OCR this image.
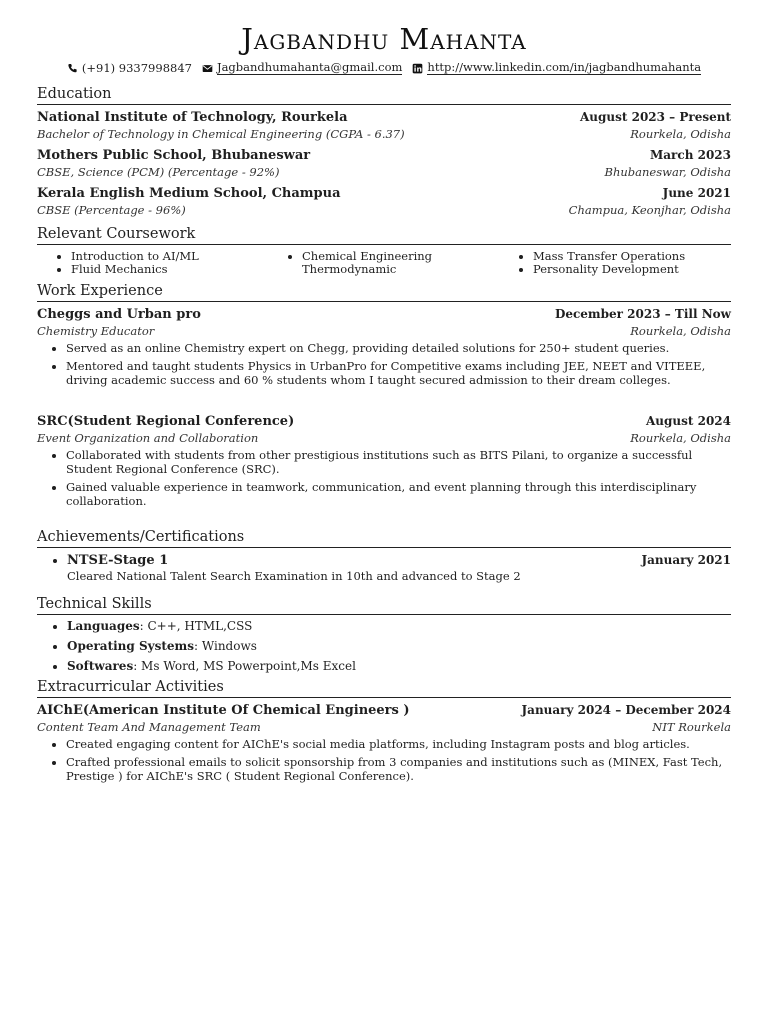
Jagbandhu Mahanta
(+91) 9337998847 Jagbandhumahanta@gmail.com http://www.linkedin.com/in/jagbandhumahanta
Education
National Institute of Technology, Rourkela	August 2023 – Present
Bachelor of Technology in Chemical Engineering (CGPA - 6.37)	Rourkela, Odisha
Mothers Public School, Bhubaneswar	March 2023
CBSE, Science (PCM) (Percentage - 92%)	Bhubaneswar, Odisha
Kerala English Medium School, Champua	June 2021
CBSE (Percentage - 96%)	Champua, Keonjhar, Odisha
Relevant Coursework
• Introduction to AI/ML
• Fluid Mechanics
• Chemical Engineering Thermodynamic
• Mass Transfer Operations
• Personality Development
Work Experience
Cheggs and Urban pro	December 2023 – Till Now
Chemistry Educator	Rourkela, Odisha
• Served as an online Chemistry expert on Chegg, providing detailed solutions for 250+ student queries.
• Mentored and taught students Physics in UrbanPro for Competitive exams including JEE, NEET and VITEEE, driving academic success and 60 % students whom I taught secured admission to their dream colleges.
SRC(Student Regional Conference)	August 2024
Event Organization and Collaboration	Rourkela, Odisha
• Collaborated with students from other prestigious institutions such as BITS Pilani, to organize a successful Student Regional Conference (SRC).
• Gained valuable experience in teamwork, communication, and event planning through this interdisciplinary collaboration.
Achievements/Certifications
• NTSE-Stage 1	January 2021
Cleared National Talent Search Examination in 10th and advanced to Stage 2
Technical Skills
• Languages: C++, HTML,CSS
• Operating Systems: Windows
• Softwares: Ms Word, MS Powerpoint,Ms Excel
Extracurricular Activities
AIChE(American Institute Of Chemical Engineers )	January 2024 – December 2024
Content Team And Management Team	NIT Rourkela
• Created engaging content for AIChE's social media platforms, including Instagram posts and blog articles.
• Crafted professional emails to solicit sponsorship from 3 companies and institutions such as (MINEX, Fast Tech, Prestige ) for AIChE's SRC ( Student Regional Conference).
